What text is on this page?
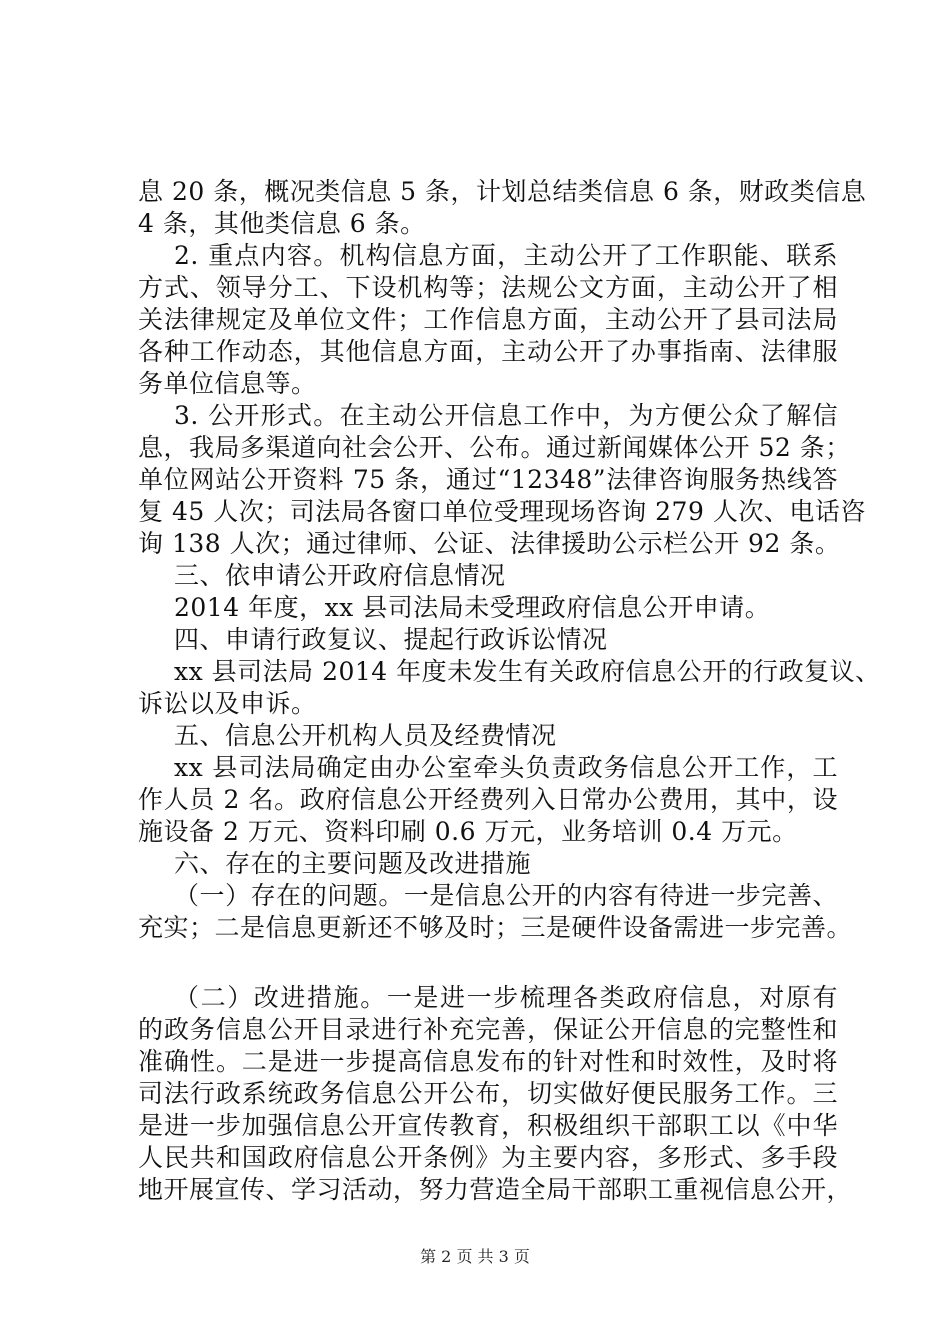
息 20 条，概况类信息 5 条，计划总结类信息 6 条，财政类信息
4 条，其他类信息 6 条。
2. 重点内容。机构信息方面，主动公开了工作职能、联系
方式、领导分工、下设机构等；法规公文方面，主动公开了相
关法律规定及单位文件；工作信息方面，主动公开了县司法局
各种工作动态，其他信息方面，主动公开了办事指南、法律服
务单位信息等。
3. 公开形式。在主动公开信息工作中，为方便公众了解信
息，我局多渠道向社会公开、公布。通过新闻媒体公开 52 条；
单位网站公开资料 75 条，通过“12348”法律咨询服务热线答
复 45 人次；司法局各窗口单位受理现场咨询 279 人次、电话咨
询 138 人次；通过律师、公证、法律援助公示栏公开 92 条。
三、依申请公开政府信息情况
2014 年度，xx 县司法局未受理政府信息公开申请。
四、申请行政复议、提起行政诉讼情况
xx 县司法局 2014 年度未发生有关政府信息公开的行政复议、
诉讼以及申诉。
五、信息公开机构人员及经费情况
xx 县司法局确定由办公室牵头负责政务信息公开工作，工
作人员 2 名。政府信息公开经费列入日常办公费用，其中，设
施设备 2 万元、资料印刷 0.6 万元，业务培训 0.4 万元。
六、存在的主要问题及改进措施
（一）存在的问题。一是信息公开的内容有待进一步完善、
充实；二是信息更新还不够及时；三是硬件设备需进一步完善。
（二）改进措施。一是进一步梳理各类政府信息，对原有
的政务信息公开目录进行补充完善，保证公开信息的完整性和
准确性。二是进一步提高信息发布的针对性和时效性，及时将
司法行政系统政务信息公开公布，切实做好便民服务工作。三
是进一步加强信息公开宣传教育，积极组织干部职工以《中华
人民共和国政府信息公开条例》为主要内容，多形式、多手段
地开展宣传、学习活动，努力营造全局干部职工重视信息公开，
第 2 页 共 3 页
